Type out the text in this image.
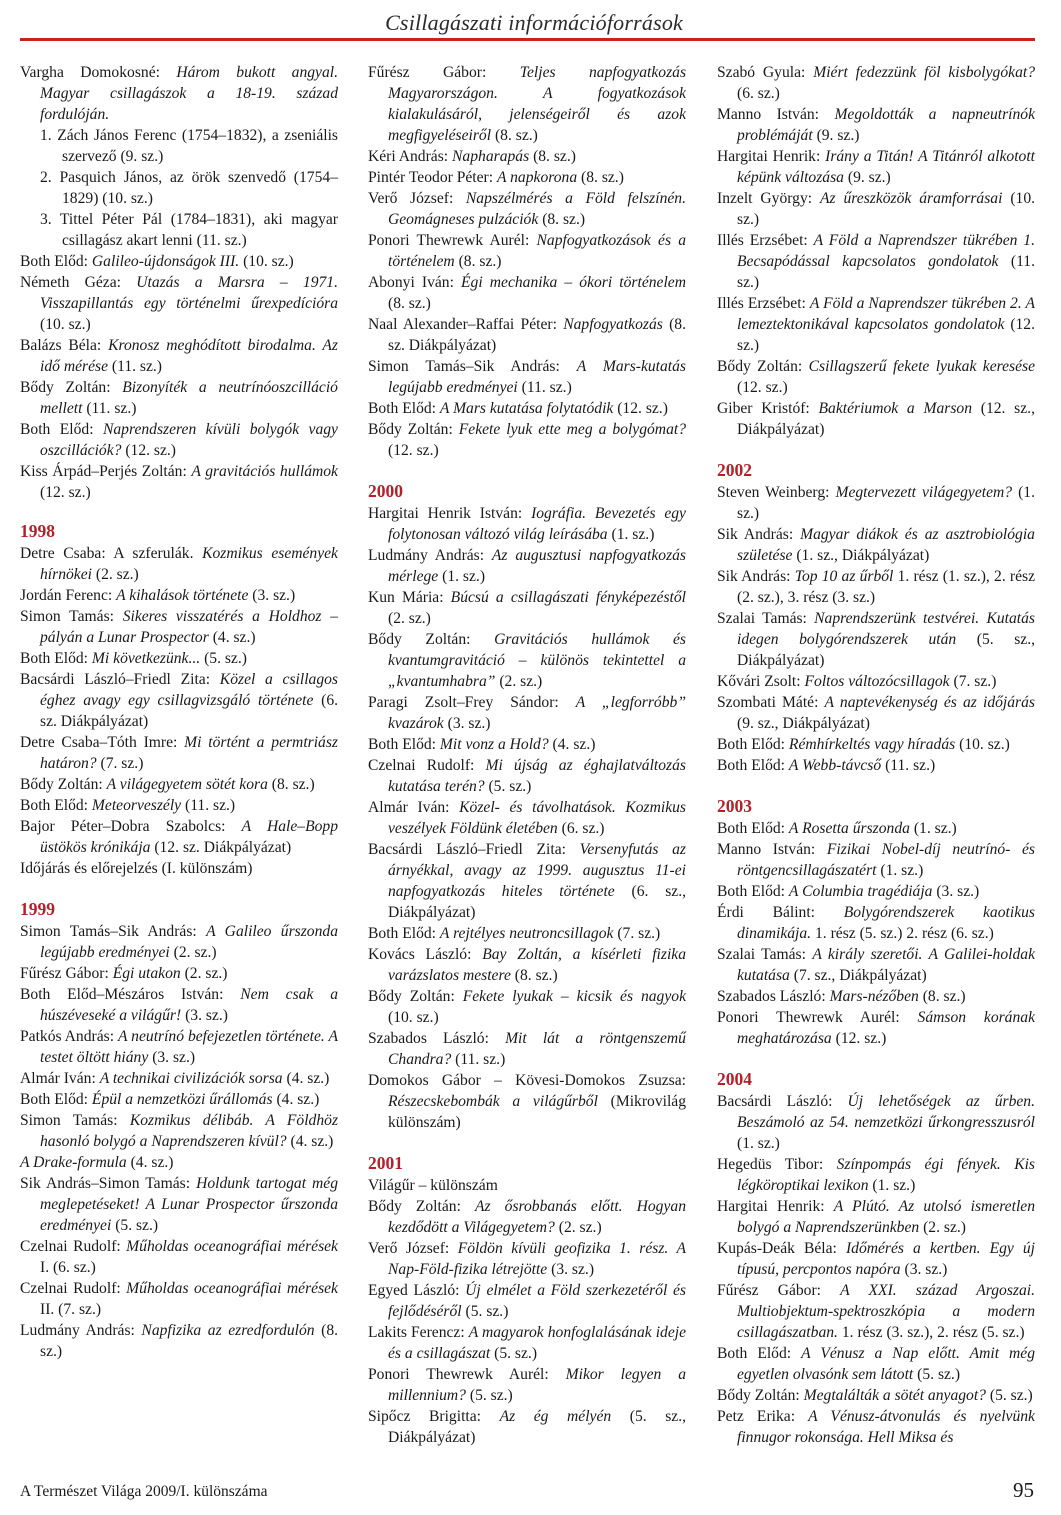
Csillagászati információforrások

Vargha Domokosné: Három bukott angyal. Magyar csillagászok a 18-19. század fordulóján.

1. Zách János Ferenc (1754–1832), a zseniális szervező (9. sz.)

2. Pasquich János, az örök szenvedő (1754–1829) (10. sz.)

3. Tittel Péter Pál (1784–1831), aki magyar csillagász akart lenni (11. sz.)

Both Előd: Galileo-újdonságok III. (10. sz.)

Németh Géza: Utazás a Marsra – 1971. Visszapillantás egy történelmi űrexpedícióra (10. sz.)

Balázs Béla: Kronosz meghódított birodalma. Az idő mérése (11. sz.)

Bődy Zoltán: Bizonyíték a neutrínóoszcilláció mellett (11. sz.)

Both Előd: Naprendszeren kívüli bolygók vagy oszcillációk? (12. sz.)

Kiss Árpád–Perjés Zoltán: A gravitációs hullámok (12. sz.)

1998

Detre Csaba: A szferulák. Kozmikus események hírnökei (2. sz.)

Jordán Ferenc: A kihalások története (3. sz.)

Simon Tamás: Sikeres visszatérés a Holdhoz – pályán a Lunar Prospector (4. sz.)

Both Előd: Mi következünk... (5. sz.)

Bacsárdi László–Friedl Zita: Közel a csillagos éghez avagy egy csillagvizsgáló története (6. sz. Diákpályázat)

Detre Csaba–Tóth Imre: Mi történt a permtriász határon? (7. sz.)

Bődy Zoltán: A világegyetem sötét kora (8. sz.)

Both Előd: Meteorveszély (11. sz.)

Bajor Péter–Dobra Szabolcs: A Hale–Bopp üstökös krónikája (12. sz. Diákpályázat)

Időjárás és előrejelzés (I. különszám)

1999

Simon Tamás–Sik András: A Galileo űrszonda legújabb eredményei (2. sz.)

Fűrész Gábor: Égi utakon (2. sz.)

Both Előd–Mészáros István: Nem csak a húszéveseké a világűr! (3. sz.)

Patkós András: A neutrínó befejezetlen története. A testet öltött hiány (3. sz.)

Almár Iván: A technikai civilizációk sorsa (4. sz.)

Both Előd: Épül a nemzetközi űrállomás (4. sz.)

Simon Tamás: Kozmikus délibáb. A Földhöz hasonló bolygó a Naprendszeren kívül? (4. sz.)

A Drake-formula (4. sz.)

Sik András–Simon Tamás: Holdunk tartogat még meglepetéseket! A Lunar Prospector űrszonda eredményei (5. sz.)

Czelnai Rudolf: Műholdas oceanográfiai mérések I. (6. sz.)

Czelnai Rudolf: Műholdas oceanográfiai mérések II. (7. sz.)

Ludmány András: Napfizika az ezredfordulón (8. sz.)

Fűrész Gábor: Teljes napfogyatkozás Magyarországon. A fogyatkozások kialakulásáról, jelenségeiről és azok megfigyeléseiről (8. sz.)

Kéri András: Napharapás (8. sz.)

Pintér Teodor Péter: A napkorona (8. sz.)

Verő József: Napszélmérés a Föld felszínén. Geomágneses pulzációk (8. sz.)

Ponori Thewrewk Aurél: Napfogyatkozások és a történelem (8. sz.)

Abonyi Iván: Égi mechanika – ókori történelem (8. sz.)

Naal Alexander–Raffai Péter: Napfogyatkozás (8. sz. Diákpályázat)

Simon Tamás–Sik András: A Mars-kutatás legújabb eredményei (11. sz.)

Both Előd: A Mars kutatása folytatódik (12. sz.)

Bődy Zoltán: Fekete lyuk ette meg a bolygómat? (12. sz.)

2000

Hargitai Henrik István: Iográfia. Bevezetés egy folytonosan változó világ leírásába (1. sz.)

Ludmány András: Az augusztusi napfogyatkozás mérlege (1. sz.)

Kun Mária: Búcsú a csillagászati fényképezéstől (2. sz.)

Bődy Zoltán: Gravitációs hullámok és kvantumgravitáció – különös tekintettel a „kvantumhabra” (2. sz.)

Paragi Zsolt–Frey Sándor: A „legforróbb” kvazárok (3. sz.)

Both Előd: Mit vonz a Hold? (4. sz.)

Czelnai Rudolf: Mi újság az éghajlatváltozás kutatása terén? (5. sz.)

Almár Iván: Közel- és távolhatások. Kozmikus veszélyek Földünk életében (6. sz.)

Bacsárdi László–Friedl Zita: Versenyfutás az árnyékkal, avagy az 1999. augusztus 11-ei napfogyatkozás hiteles története (6. sz., Diákpályázat)

Both Előd: A rejtélyes neutroncsillagok (7. sz.)

Kovács László: Bay Zoltán, a kísérleti fizika varázslatos mestere (8. sz.)

Bődy Zoltán: Fekete lyukak – kicsik és nagyok (10. sz.)

Szabados László: Mit lát a röntgenszemű Chandra? (11. sz.)

Domokos Gábor – Kövesi-Domokos Zsuzsa: Részecskebombák a világűrből (Mikrovilág különszám)

2001

Világűr – különszám

Bődy Zoltán: Az ősrobbanás előtt. Hogyan kezdődött a Világegyetem? (2. sz.)

Verő József: Földön kívüli geofizika 1. rész. A Nap-Föld-fizika létrejötte (3. sz.)

Egyed László: Új elmélet a Föld szerkezetéről és fejlődéséről (5. sz.)

Lakits Ferencz: A magyarok honfoglalásának ideje és a csillagászat (5. sz.)

Ponori Thewrewk Aurél: Mikor legyen a millennium? (5. sz.)

Sipőcz Brigitta: Az ég mélyén (5. sz., Diákpályázat)

Szabó Gyula: Miért fedezzünk föl kisbolygókat? (6. sz.)

Manno István: Megoldották a napneutrínók problémáját (9. sz.)

Hargitai Henrik: Irány a Titán! A Titánról alkotott képünk változása (9. sz.)

Inzelt György: Az űreszközök áramforrásai (10. sz.)

Illés Erzsébet: A Föld a Naprendszer tükrében 1. Becsapódással kapcsolatos gondolatok (11. sz.)

Illés Erzsébet: A Föld a Naprendszer tükrében 2. A lemeztektonikával kapcsolatos gondolatok (12. sz.)

Bődy Zoltán: Csillagszerű fekete lyukak keresése (12. sz.)

Giber Kristóf: Baktériumok a Marson (12. sz., Diákpályázat)

2002

Steven Weinberg: Megtervezett világegyetem? (1. sz.)

Sik András: Magyar diákok és az asztrobiológia születése (1. sz., Diákpályázat)

Sik András: Top 10 az űrből 1. rész (1. sz.), 2. rész (2. sz.), 3. rész (3. sz.)

Szalai Tamás: Naprendszerünk testvérei. Kutatás idegen bolygórendszerek után (5. sz., Diákpályázat)

Kővári Zsolt: Foltos változócsillagok (7. sz.)

Szombati Máté: A naptevékenység és az időjárás (9. sz., Diákpályázat)

Both Előd: Rémhírkeltés vagy híradás (10. sz.)

Both Előd: A Webb-távcső (11. sz.)

2003

Both Előd: A Rosetta űrszonda (1. sz.)

Manno István: Fizikai Nobel-díj neutrínó- és röntgencsillagászatért (1. sz.)

Both Előd: A Columbia tragédiája (3. sz.)

Érdi Bálint: Bolygórendszerek kaotikus dinamikája. 1. rész (5. sz.) 2. rész (6. sz.)

Szalai Tamás: A király szeretői. A Galilei-holdak kutatása (7. sz., Diákpályázat)

Szabados László: Mars-nézőben (8. sz.)

Ponori Thewrewk Aurél: Sámson korának meghatározása (12. sz.)

2004

Bacsárdi László: Új lehetőségek az űrben. Beszámoló az 54. nemzetközi űrkongresszusról (1. sz.)

Hegedüs Tibor: Színpompás égi fények. Kis légköroptikai lexikon (1. sz.)

Hargitai Henrik: A Plútó. Az utolsó ismeretlen bolygó a Naprendszerünkben (2. sz.)

Kupás-Deák Béla: Időmérés a kertben. Egy új típusú, percpontos napóra (3. sz.)

Fűrész Gábor: A XXI. század Argoszai. Multiobjektum-spektroszkópia a modern csillagászatban. 1. rész (3. sz.), 2. rész (5. sz.)

Both Előd: A Vénusz a Nap előtt. Amit még egyetlen olvasónk sem látott (5. sz.)

Bődy Zoltán: Megtalálták a sötét anyagot? (5. sz.)

Petz Erika: A Vénusz-átvonulás és nyelvünk finnugor rokonsága. Hell Miksa és

A Természet Világa 2009/I. különszáma	95
